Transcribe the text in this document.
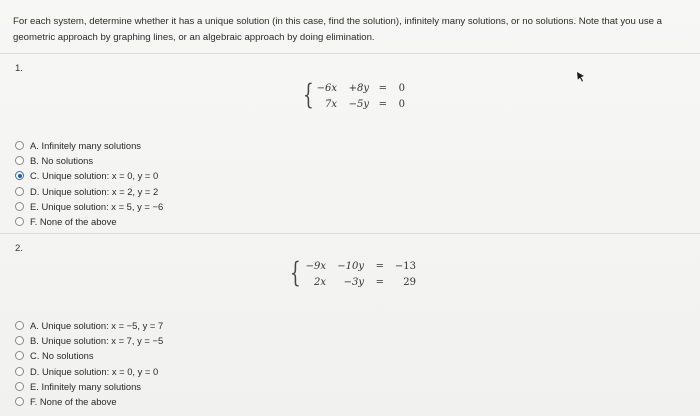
For each system, determine whether it has a unique solution (in this case, find the solution), infinitely many solutions, or no solutions. Note that you use a geometric approach by graphing lines, or an algebraic approach by doing elimination.
1.
{ −6x	+8y =	0
7x	−5y =	0
A.
Infinitely many solutions
B.
No solutions
C.
Unique solution: x = 0, y = 0
D.
Unique solution: x = 2, y = 2
E.
Unique solution: x = 5, y = −6
F.
None of the above
2.
{ −9x	−10y	=	−13
2x	−3y	=	29
A.
Unique solution: x = −5, y = 7
B.
Unique solution: x = 7, y = −5
C.
No solutions
D.
Unique solution: x = 0, y = 0
E.
Infinitely many solutions
F.
None of the above
